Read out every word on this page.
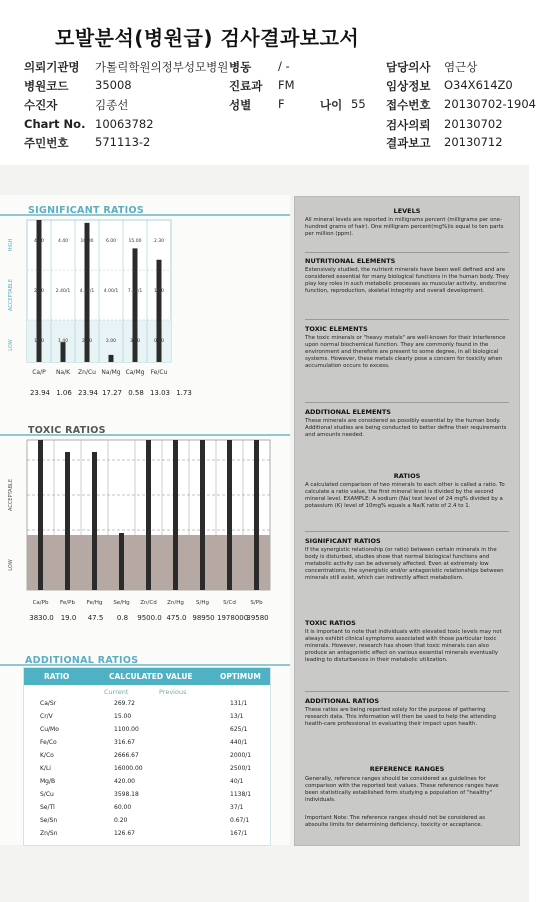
모발분석(병원급) 검사결과보고서
의뢰기관명 가톨릭학원의정부성모병원 병동 / -	담당의사 염근상
병원코드 35008	진료과 FM	임상정보 O34X614Z0
수진자	김종선	성별 F	나이 55 접수번호 20130702-1904
Chart No. 10063782	검사의뢰 20130702
주민번호 571113-2	결과보고 20130712
SIGNIFICANT RATIOS
HIGH
ACCEPTABLE
LOW
4.40
2.40
1.40
Ca/P
4.40
2.40/1
1.40
Na/K
10.00
4.00/1
2.40
Zn/Cu
6.00
4.00/1
2.00
Na/Mg
15.00
7.00/1
3.00
Ca/Mg
2.30
1.40
0.80
Fe/Cu
23.94 1.06 23.94 17.27 0.58 13.03 1.73
TOXIC RATIOS
ACCEPTABLE
LOW
Ca/Pb Fe/Pb Fe/Hg Se/Hg Zn/Cd Zn/Hg S/Hg	S/Cd	S/Pb
3830.0 19.0	47.5	0.8	9500.0 475.0 98950 1978000
39580
ADDITIONAL RATIOS
RATIO	CALCULATED VALUE	OPTIMUM
Current	Previous
Ca/Sr	269.72	131/1
Cr/V	15.00	13/1
Cu/Mo	1100.00	625/1
Fe/Co	316.67	440/1
K/Co	2666.67	2000/1
K/Li	16000.00	2500/1
Mg/B	420.00	40/1
S/Cu	3598.18	1138/1
Se/Tl	60.00	37/1
Se/Sn	0.20	0.67/1
Zn/Sn	126.67	167/1
LEVELS

All mineral levels are reported in milligrams percent (milligrams per one-hundred grams of hair). One milligram percent(mg%)is equal to ten parts per million (ppm).

NUTRITIONAL ELEMENTS

Extensively studied, the nutrient minerals have been well defined and are considered essential for many biological functions in the human body. They play key roles in such metabolic processes as muscular activity, endocrine function, reproduction, skeletal integrity and overall development.

TOXIC ELEMENTS

The toxic minerals or "heavy metals" are well-known for their interference upon normal biochemical function. They are commonly found in the environment and therefore are present to some degree, in all biological systems. However, these metals clearly pose a concern for toxicity when accumulation occurs to excess.

ADDITIONAL ELEMENTS

These minerals are considered as possibly essential by the human body. Additional studies are being conducted to better define their requirements and amounts needed.

RATIOS

A calculated comparison of two minerals to each other is called a ratio. To calculate a ratio value, the first mineral level is divided by the second mineral level. EXAMPLE: A sodium (Na) test level of 24 mg% divided by a potassium (K) level of 10mg% equals a Na/K ratio of 2.4 to 1.

SIGNIFICANT RATIOS

If the synergistic relationship (or ratio) between certain minerals in the body is disturbed, studies show that normal biological functions and metabolic activity can be adversely affected. Even at extremely low concentrations, the synergistic and/or antagonistic relationships between minerals still exist, which can indirectly affect metabolism.

TOXIC RATIOS

It is important to note that individuals with elevated toxic levels may not always exhibit clinical symptoms associated with those particular toxic minerals. However, research has shown that toxic minerals can also produce an antagonistic effect on various essential minerals eventually leading to disturbances in their metabolic utilization.

ADDITIONAL RATIOS

These ratios are being reported solely for the purpose of gathering research data. This information will then be used to help the attending health-care professional in evaluating their impact upon health.

REFERENCE RANGES

Generally, reference ranges should be considered as guidelines for comparison with the reported test values. These reference ranges have been statistically established form studying a population of "healthy" individuals.

Important Note: The reference ranges should not be considered as absoulte limits for determining deficiency, toxicity or acceptance.
